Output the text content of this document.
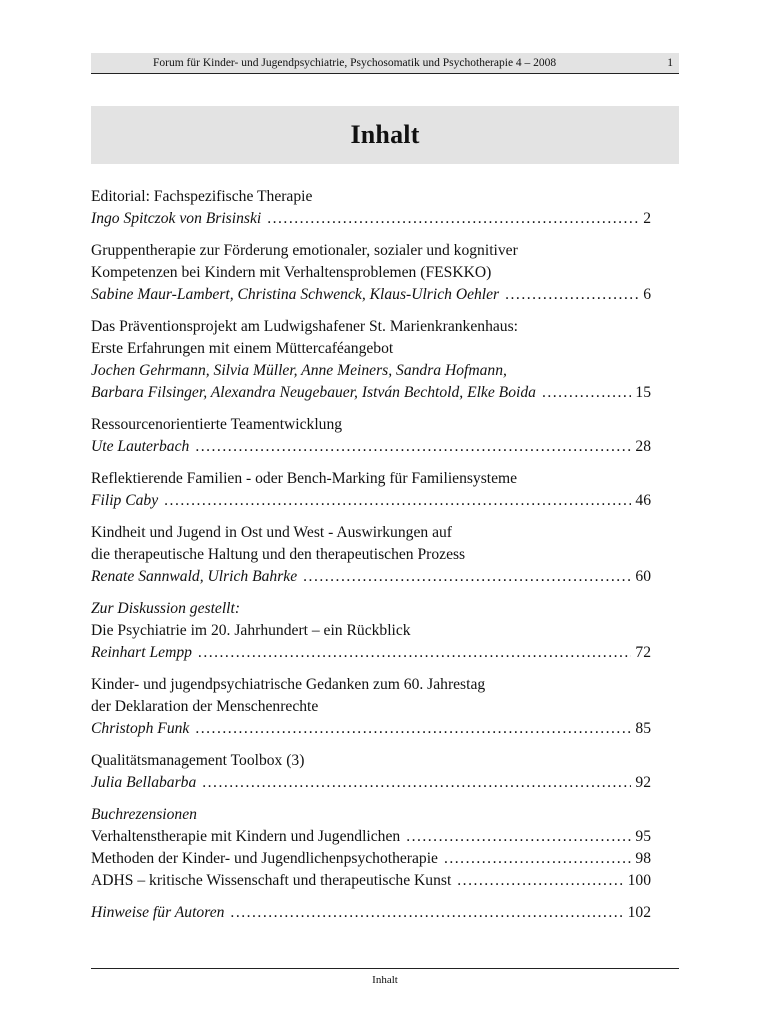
Forum für Kinder- und Jugendpsychiatrie, Psychosomatik und Psychotherapie 4 – 2008	1
Inhalt
Editorial: Fachspezifische Therapie
Ingo Spitczok von Brisinski .....	2
Gruppentherapie zur Förderung emotionaler, sozialer und kognitiver
Kompetenzen bei Kindern mit Verhaltensproblemen (FESKKO)
Sabine Maur-Lambert, Christina Schwenck, Klaus-Ulrich Oehler .....	6
Das Präventionsprojekt am Ludwigshafener St. Marienkrankenhaus:
Erste Erfahrungen mit einem Müttercaféangebot
Jochen Gehrmann, Silvia Müller, Anne Meiners, Sandra Hofmann,
Barbara Filsinger, Alexandra Neugebauer, István Bechtold, Elke Boida .....	15
Ressourcenorientierte Teamentwicklung
Ute Lauterbach .....	28
Reflektierende Familien - oder Bench-Marking für Familiensysteme
Filip Caby .....	46
Kindheit und Jugend in Ost und West - Auswirkungen auf
die therapeutische Haltung und den therapeutischen Prozess
Renate Sannwald, Ulrich Bahrke .....	60
Zur Diskussion gestellt:
Die Psychiatrie im 20. Jahrhundert – ein Rückblick
Reinhart Lempp .....	72
Kinder- und jugendpsychiatrische Gedanken zum 60. Jahrestag
der Deklaration der Menschenrechte
Christoph Funk .....	85
Qualitätsmanagement Toolbox (3)
Julia Bellabarba .....	92
Buchrezensionen
Verhaltenstherapie mit Kindern und Jugendlichen .....	95
Methoden der Kinder- und Jugendlichenpsychotherapie .....	98
ADHS – kritische Wissenschaft und therapeutische Kunst .....	100
Hinweise für Autoren .....	102
Inhalt
